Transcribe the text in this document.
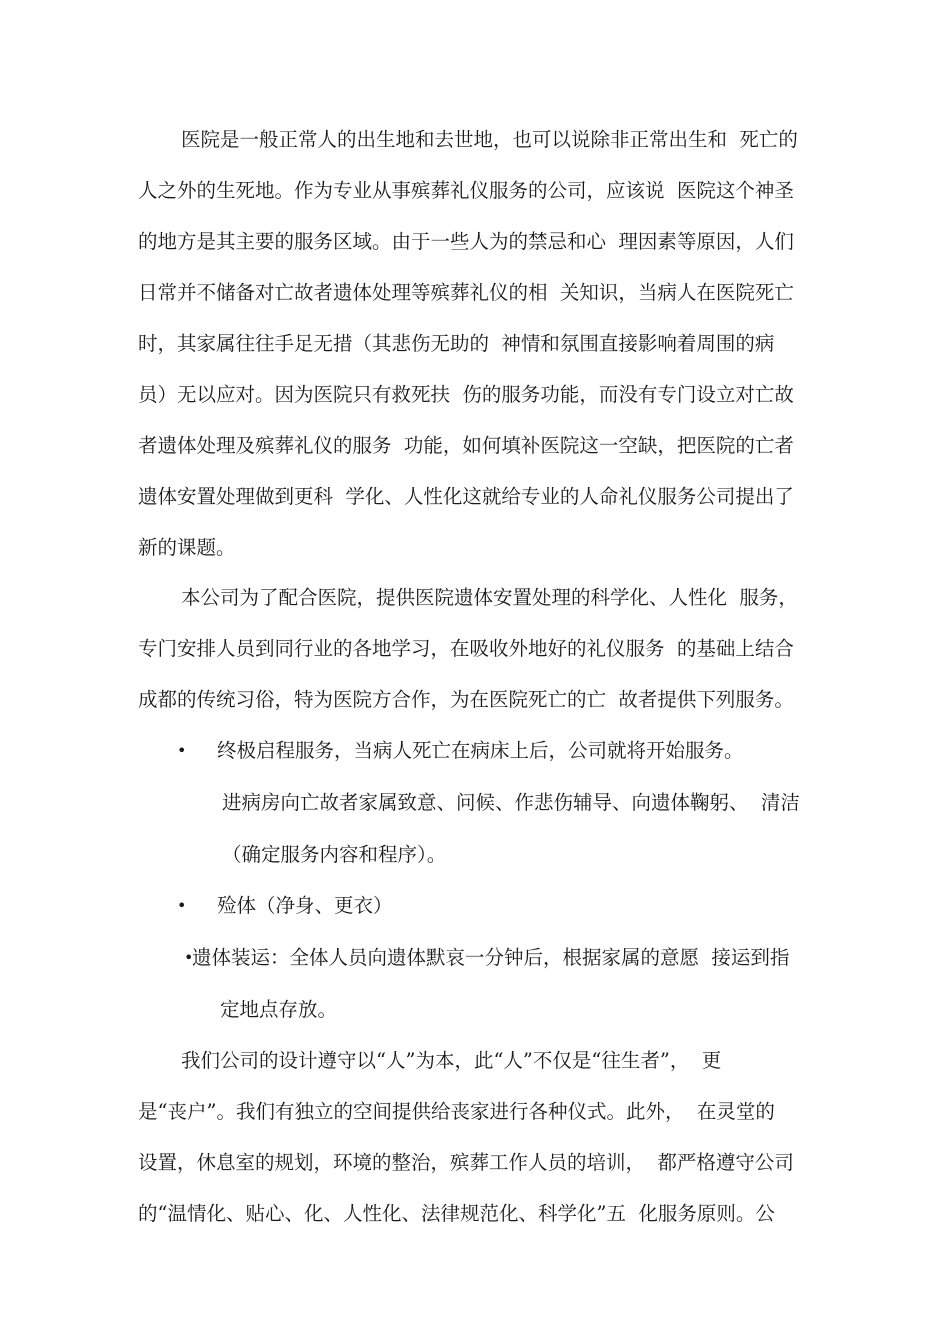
医院是一般正常人的出生地和去世地，也可以说除非正常出生和  死亡的
人之外的生死地。作为专业从事殡葬礼仪服务的公司，应该说  医院这个神圣
的地方是其主要的服务区域。由于一些人为的禁忌和心  理因素等原因，人们
日常并不储备对亡故者遗体处理等殡葬礼仪的相  关知识，当病人在医院死亡
时，其家属往往手足无措（其悲伤无助的  神情和氛围直接影响着周围的病
员）无以应对。因为医院只有救死扶  伤的服务功能，而没有专门设立对亡故
者遗体处理及殡葬礼仪的服务  功能，如何填补医院这一空缺，把医院的亡者
遗体安置处理做到更科  学化、人性化这就给专业的人命礼仪服务公司提出了
新的课题。
本公司为了配合医院，提供医院遗体安置处理的科学化、人性化  服务，
专门安排人员到同行业的各地学习，在吸收外地好的礼仪服务  的基础上结合
成都的传统习俗，特为医院方合作，为在医院死亡的亡  故者提供下列服务。
• 终极启程服务，当病人死亡在病床上后，公司就将开始服务。
进病房向亡故者家属致意、问候、作悲伤辅导、向遗体鞠躬、  清洁
（确定服务内容和程序）。
• 殓体（净身、更衣）
•
遗体装运：全体人员向遗体默哀一分钟后，根据家属的意愿  接运到指
定地点存放。
我们公司的设计遵守以“人”为本，此“人”不仅是“往生者”，  更
是“丧户”。我们有独立的空间提供给丧家进行各种仪式。此外，  在灵堂的
设置，休息室的规划，环境的整治，殡葬工作人员的培训，  都严格遵守公司
的“温情化、贴心、化、人性化、法律规范化、科学化”五  化服务原则。公
